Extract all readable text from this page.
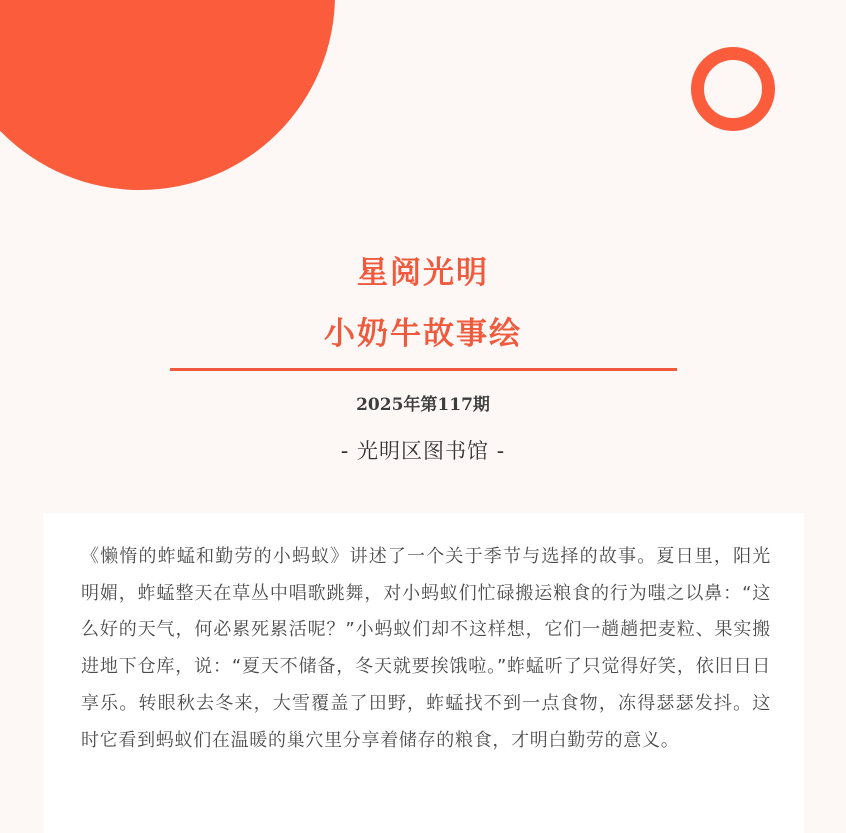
星阅光明
小奶牛故事绘
2025年第117期
- 光明区图书馆 -

《懒惰的蚱蜢和勤劳的小蚂蚁》讲述了一个关于季节与选择的故事。夏日里，阳光明媚，蚱蜢整天在草丛中唱歌跳舞，对小蚂蚁们忙碌搬运粮食的行为嗤之以鼻：“这么好的天气，何必累死累活呢？”小蚂蚁们却不这样想，它们一趟趟把麦粒、果实搬进地下仓库，说：“夏天不储备，冬天就要挨饿啦。”蚱蜢听了只觉得好笑，依旧日日享乐。转眼秋去冬来，大雪覆盖了田野，蚱蜢找不到一点食物，冻得瑟瑟发抖。这时它看到蚂蚁们在温暖的巢穴里分享着储存的粮食，才明白勤劳的意义。
